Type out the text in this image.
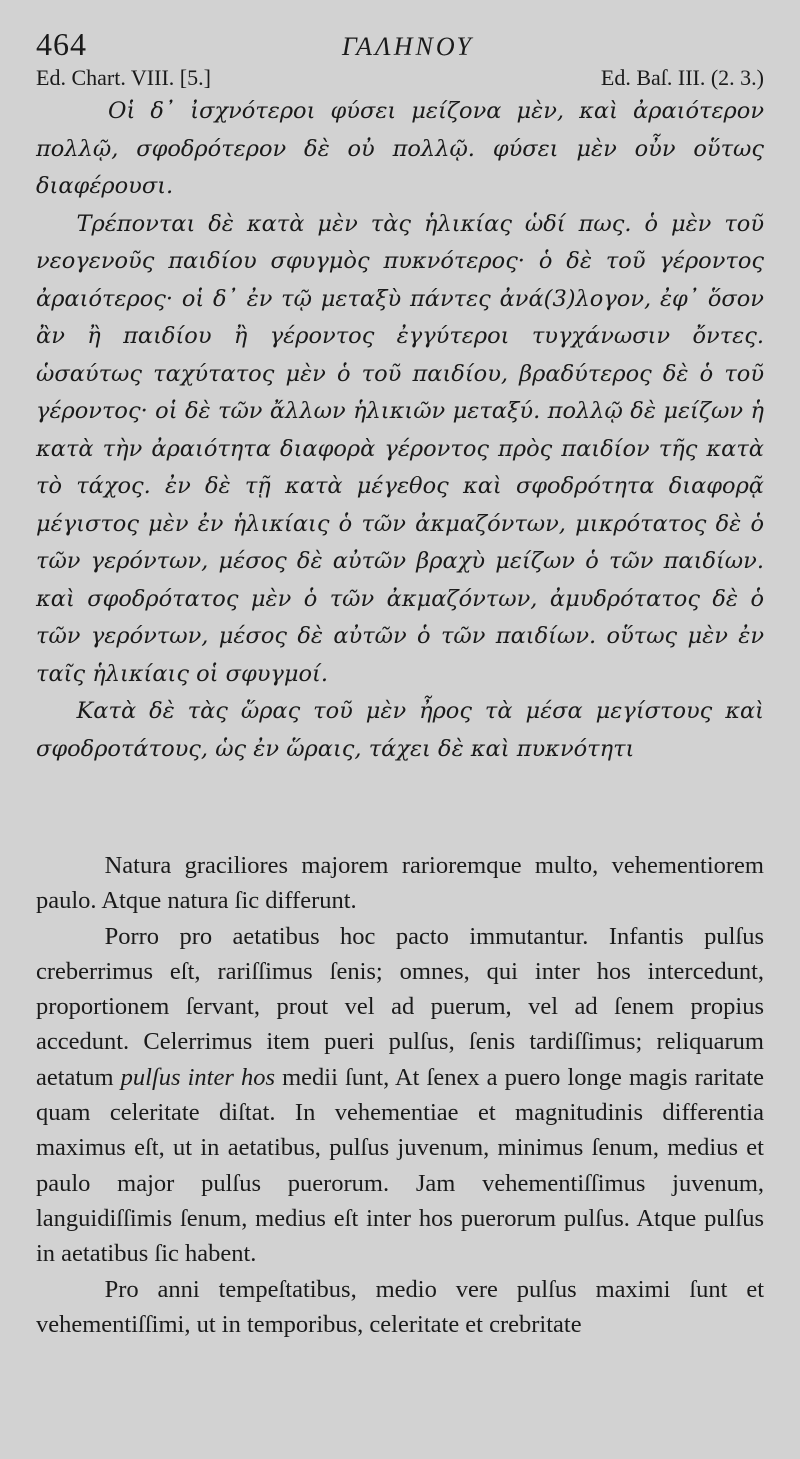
464	ΓΑΛΗΝΟΥ
Ed. Chart. VIII. [5.]	Ed. Baſ. III. (2. 3.)

Οἱ δ᾿ ἰσχνότεροι φύσει μείζονα μὲν, καὶ ἀραιότερον πολλῷ, σφοδρότερον δὲ οὐ πολλῷ. φύσει μὲν οὖν οὕτως διαφέρουσι.

Τρέπονται δὲ κατὰ μὲν τὰς ἡλικίας ὡδί πως. ὁ μὲν τοῦ νεογενοῦς παιδίου σφυγμὸς πυκνότερος· ὁ δὲ τοῦ γέροντος ἀραιότερος· οἱ δ᾿ ἐν τῷ μεταξὺ πάντες ἀνά(3)λογον, ἐφ᾿ ὅσον ἂν ἢ παιδίου ἢ γέροντος ἐγγύτεροι τυγχάνωσιν ὄντες. ὡσαύτως ταχύτατος μὲν ὁ τοῦ παιδίου, βραδύτερος δὲ ὁ τοῦ γέροντος· οἱ δὲ τῶν ἄλλων ἡλικιῶν μεταξύ. πολλῷ δὲ μείζων ἡ κατὰ τὴν ἀραιότητα διαφορὰ γέροντος πρὸς παιδίον τῆς κατὰ τὸ τάχος. ἐν δὲ τῇ κατὰ μέγεθος καὶ σφοδρότητα διαφορᾷ μέγιστος μὲν ἐν ἡλικίαις ὁ τῶν ἀκμαζόντων, μικρότατος δὲ ὁ τῶν γερόντων, μέσος δὲ αὐτῶν βραχὺ μείζων ὁ τῶν παιδίων. καὶ σφοδρότατος μὲν ὁ τῶν ἀκμαζόντων, ἀμυδρότατος δὲ ὁ τῶν γερόντων, μέσος δὲ αὐτῶν ὁ τῶν παιδίων. οὕτως μὲν ἐν ταῖς ἡλικίαις οἱ σφυγμοί.

Κατὰ δὲ τὰς ὥρας τοῦ μὲν ἦρος τὰ μέσα μεγίστους καὶ σφοδροτάτους, ὡς ἐν ὥραις, τάχει δὲ καὶ πυκνότητι

Natura graciliores majorem rarioremque multo, vehementiorem paulo. Atque natura ſic differunt.

Porro pro aetatibus hoc pacto immutantur. Infantis pulſus creberrimus eſt, rariſſimus ſenis; omnes, qui inter hos intercedunt, proportionem ſervant, prout vel ad puerum, vel ad ſenem propius accedunt. Celerrimus item pueri pulſus, ſenis tardiſſimus; reliquarum aetatum pulſus inter hos medii ſunt, At ſenex a puero longe magis raritate quam celeritate diſtat. In vehementiae et magnitudinis differentia maximus eſt, ut in aetatibus, pulſus juvenum, minimus ſenum, medius et paulo major pulſus puerorum. Jam vehementiſſimus juvenum, languidiſſimis ſenum, medius eſt inter hos puerorum pulſus. Atque pulſus in aetatibus ſic habent.

Pro anni tempeſtatibus, medio vere pulſus maximi ſunt et vehementiſſimi, ut in temporibus, celeritate et crebritate
